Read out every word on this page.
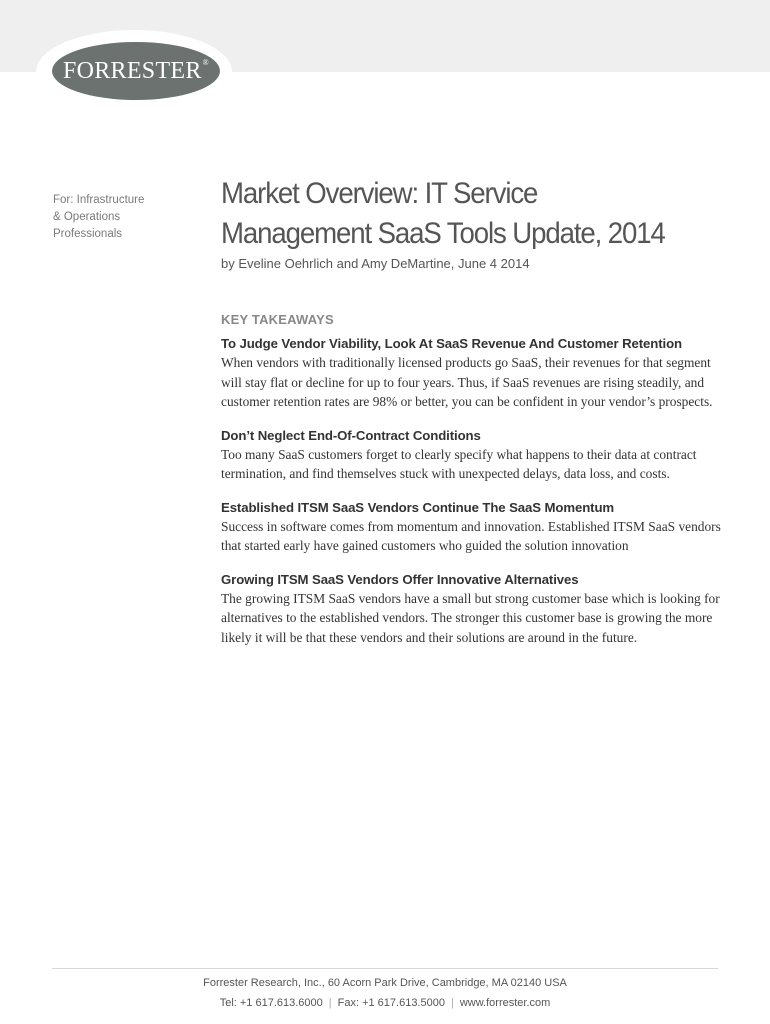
FORRESTER®
For: Infrastructure
& Operations
Professionals
Market Overview: IT Service
Management SaaS Tools Update, 2014
by Eveline Oehrlich and Amy DeMartine, June 4 2014
KEY TAKEAWAYS
To Judge Vendor Viability, Look At SaaS Revenue And Customer Retention
When vendors with traditionally licensed products go SaaS, their revenues for that segment will stay flat or decline for up to four years. Thus, if SaaS revenues are rising steadily, and customer retention rates are 98% or better, you can be confident in your vendor’s prospects.
Don’t Neglect End-Of-Contract Conditions
Too many SaaS customers forget to clearly specify what happens to their data at contract termination, and find themselves stuck with unexpected delays, data loss, and costs.
Established ITSM SaaS Vendors Continue The SaaS Momentum
Success in software comes from momentum and innovation. Established ITSM SaaS vendors that started early have gained customers who guided the solution innovation
Growing ITSM SaaS Vendors Offer Innovative Alternatives
The growing ITSM SaaS vendors have a small but strong customer base which is looking for alternatives to the established vendors. The stronger this customer base is growing the more likely it will be that these vendors and their solutions are around in the future.
Forrester Research, Inc., 60 Acorn Park Drive, Cambridge, MA 02140 USA
Tel: +1 617.613.6000 | Fax: +1 617.613.5000 | www.forrester.com
